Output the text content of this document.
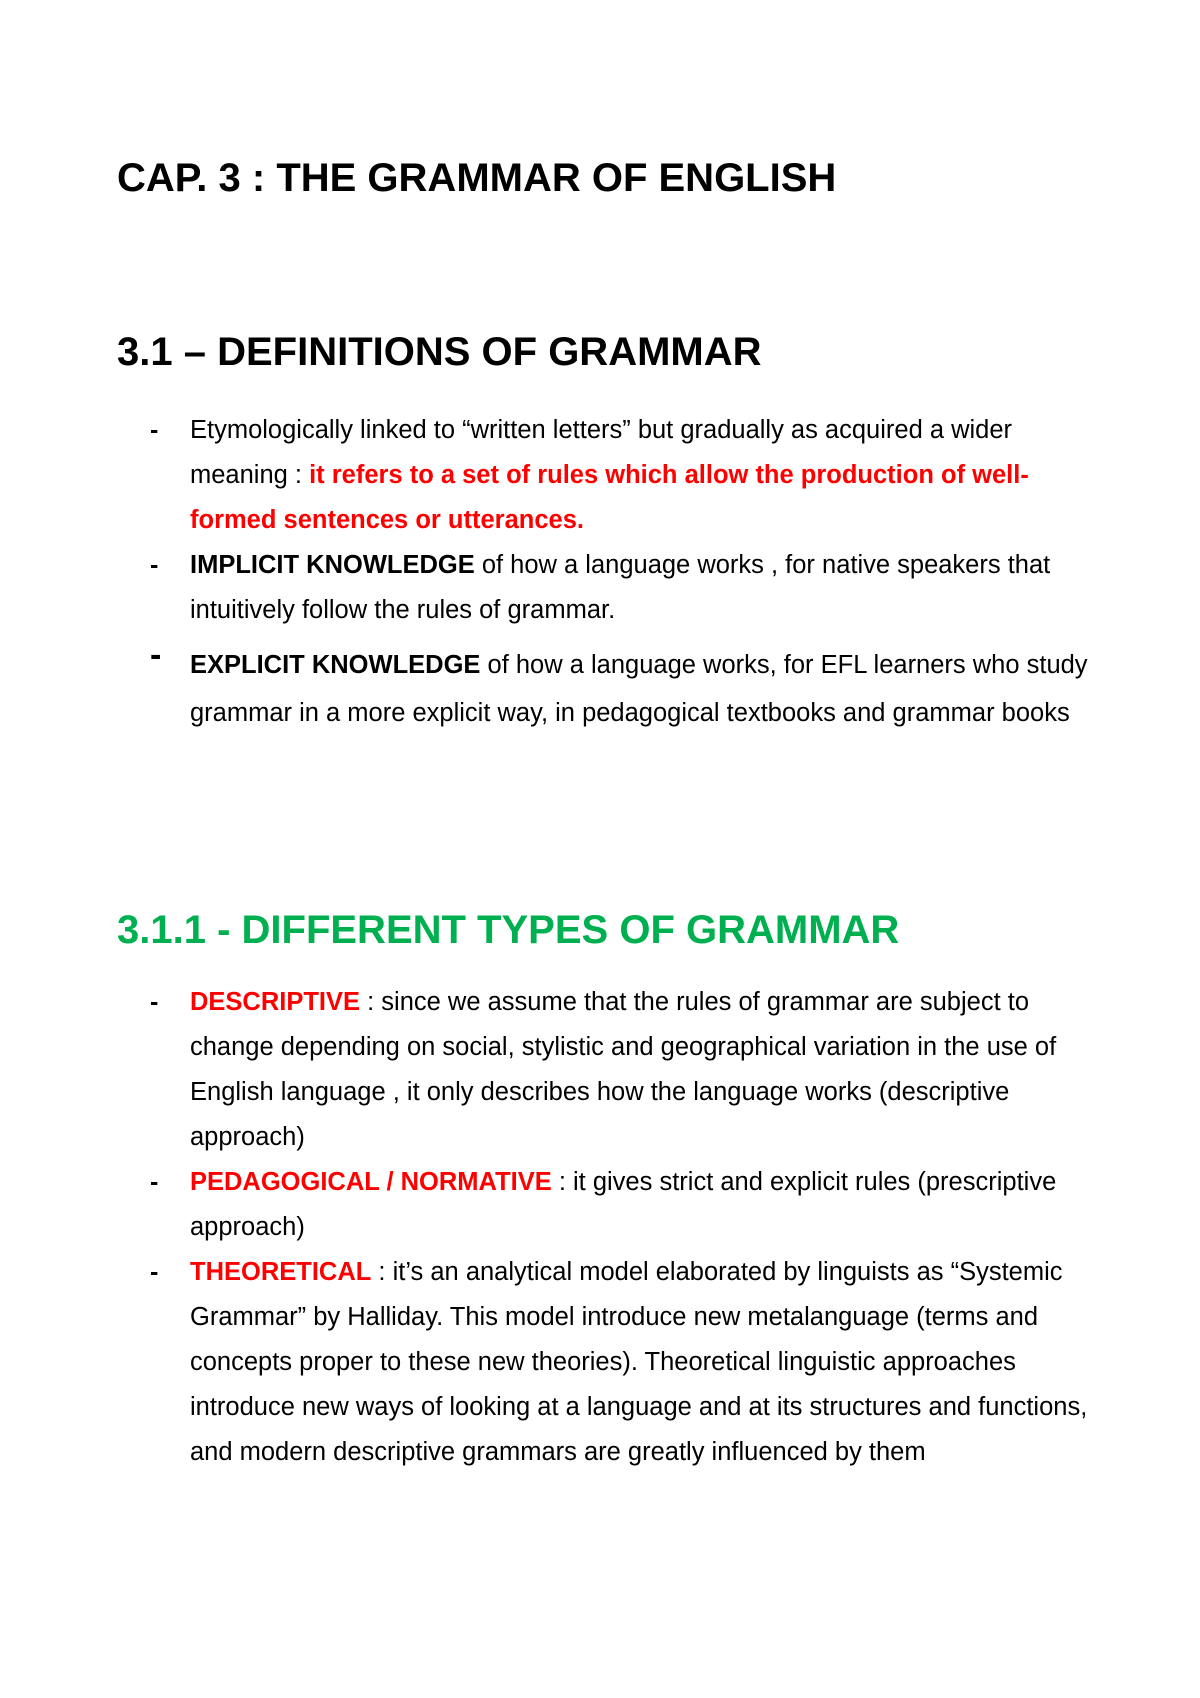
CAP. 3 : THE GRAMMAR OF ENGLISH
3.1 – DEFINITIONS OF GRAMMAR
- Etymologically linked to “written letters” but gradually as acquired a wider meaning : it refers to a set of rules which allow the production of well-formed sentences or utterances.
- IMPLICIT KNOWLEDGE of how a language works , for native speakers that intuitively follow the rules of grammar.
- EXPLICIT KNOWLEDGE of how a language works, for EFL learners who study grammar in a more explicit way, in pedagogical textbooks and grammar books
3.1.1 - DIFFERENT TYPES OF GRAMMAR
- DESCRIPTIVE : since we assume that the rules of grammar are subject to change depending on social, stylistic and geographical variation in the use of English language , it only describes how the language works (descriptive approach)
- PEDAGOGICAL / NORMATIVE : it gives strict and explicit rules (prescriptive approach)
- THEORETICAL : it’s an analytical model elaborated by linguists as “Systemic Grammar” by Halliday. This model introduce new metalanguage (terms and concepts proper to these new theories). Theoretical linguistic approaches introduce new ways of looking at a language and at its structures and functions, and modern descriptive grammars are greatly influenced by them
